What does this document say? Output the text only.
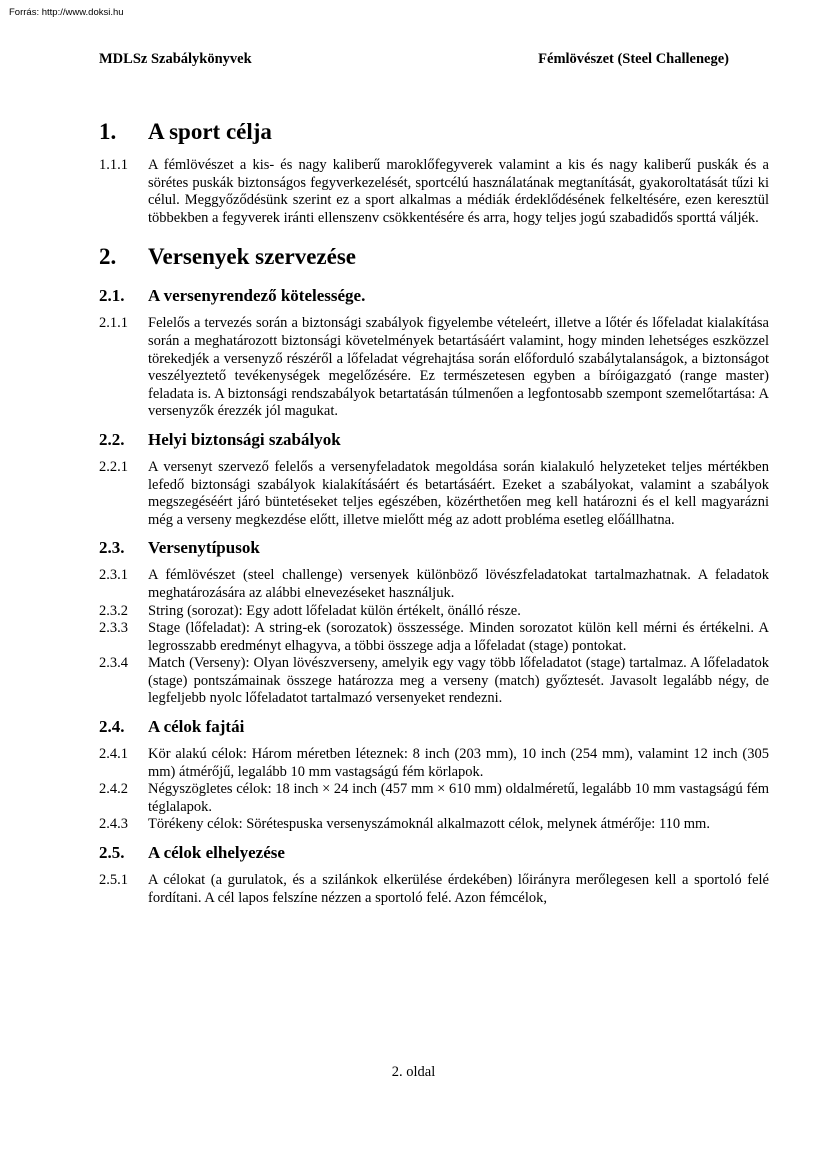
Forrás: http://www.doksi.hu
MDLSz Szabálykönyvek	Fémlövészet (Steel Challenege)
1.	A sport célja
1.1.1	A fémlövészet a kis- és nagy kaliberű maroklőfegyverek valamint a kis és nagy kaliberű puskák és a sörétes puskák biztonságos fegyverkezelését, sportcélú használatának megtanítását, gyakoroltatását tűzi ki célul. Meggyőződésünk szerint ez a sport alkalmas a médiák érdeklődésének felkeltésére, ezen keresztül többekben a fegyverek iránti ellenszenv csökkentésére és arra, hogy teljes jogú szabadidős sporttá váljék.
2.	Versenyek szervezése
2.1.	A versenyrendező kötelessége.
2.1.1	Felelős a tervezés során a biztonsági szabályok figyelembe vételeért, illetve a lőtér és lőfeladat kialakítása során a meghatározott biztonsági követelmények betartásáért valamint, hogy minden lehetséges eszközzel törekedjék a versenyző részéről a lőfeladat végrehajtása során előforduló szabálytalanságok, a biztonságot veszélyeztető tevékenységek megelőzésére. Ez természetesen egyben a bíróigazgató (range master) feladata is. A biztonsági rendszabályok betartatásán túlmenően a legfontosabb szempont szemelőtartása: A versenyzők érezzék jól magukat.
2.2.	Helyi biztonsági szabályok
2.2.1	A versenyt szervező felelős a versenyfeladatok megoldása során kialakuló helyzeteket teljes mértékben lefedő biztonsági szabályok kialakításáért és betartásáért. Ezeket a szabályokat, valamint a szabályok megszegéséért járó büntetéseket teljes egészében, közérthetően meg kell határozni és el kell magyarázni még a verseny megkezdése előtt, illetve mielőtt még az adott probléma esetleg előállhatna.
2.3.	Versenytípusok
2.3.1	A fémlövészet (steel challenge) versenyek különböző lövészfeladatokat tartalmazhatnak. A feladatok meghatározására az alábbi elnevezéseket használjuk.
2.3.2	String (sorozat): Egy adott lőfeladat külön értékelt, önálló része.
2.3.3	Stage (lőfeladat): A string-ek (sorozatok) összessége. Minden sorozatot külön kell mérni és értékelni. A legrosszabb eredményt elhagyva, a többi összege adja a lőfeladat (stage) pontokat.
2.3.4	Match (Verseny): Olyan lövészverseny, amelyik egy vagy több lőfeladatot (stage) tartalmaz. A lőfeladatok (stage) pontszámainak összege határozza meg a verseny (match) győztesét. Javasolt legalább négy, de legfeljebb nyolc lőfeladatot tartalmazó versenyeket rendezni.
2.4.	A célok fajtái
2.4.1	Kör alakú célok: Három méretben léteznek: 8 inch (203 mm), 10 inch (254 mm), valamint 12 inch (305 mm) átmérőjű, legalább 10 mm vastagságú fém körlapok.
2.4.2	Négyszögletes célok: 18 inch × 24 inch (457 mm × 610 mm) oldalméretű, legalább 10 mm vastagságú fém téglalapok.
2.4.3	Törékeny célok: Sörétespuska versenyszámoknál alkalmazott célok, melynek átmérője: 110 mm.
2.5.	A célok elhelyezése
2.5.1	A célokat (a gurulatok, és a szilánkok elkerülése érdekében) lőirányra merőlegesen kell a sportoló felé fordítani. A cél lapos felszíne nézzen a sportoló felé. Azon fémcélok,
2. oldal
